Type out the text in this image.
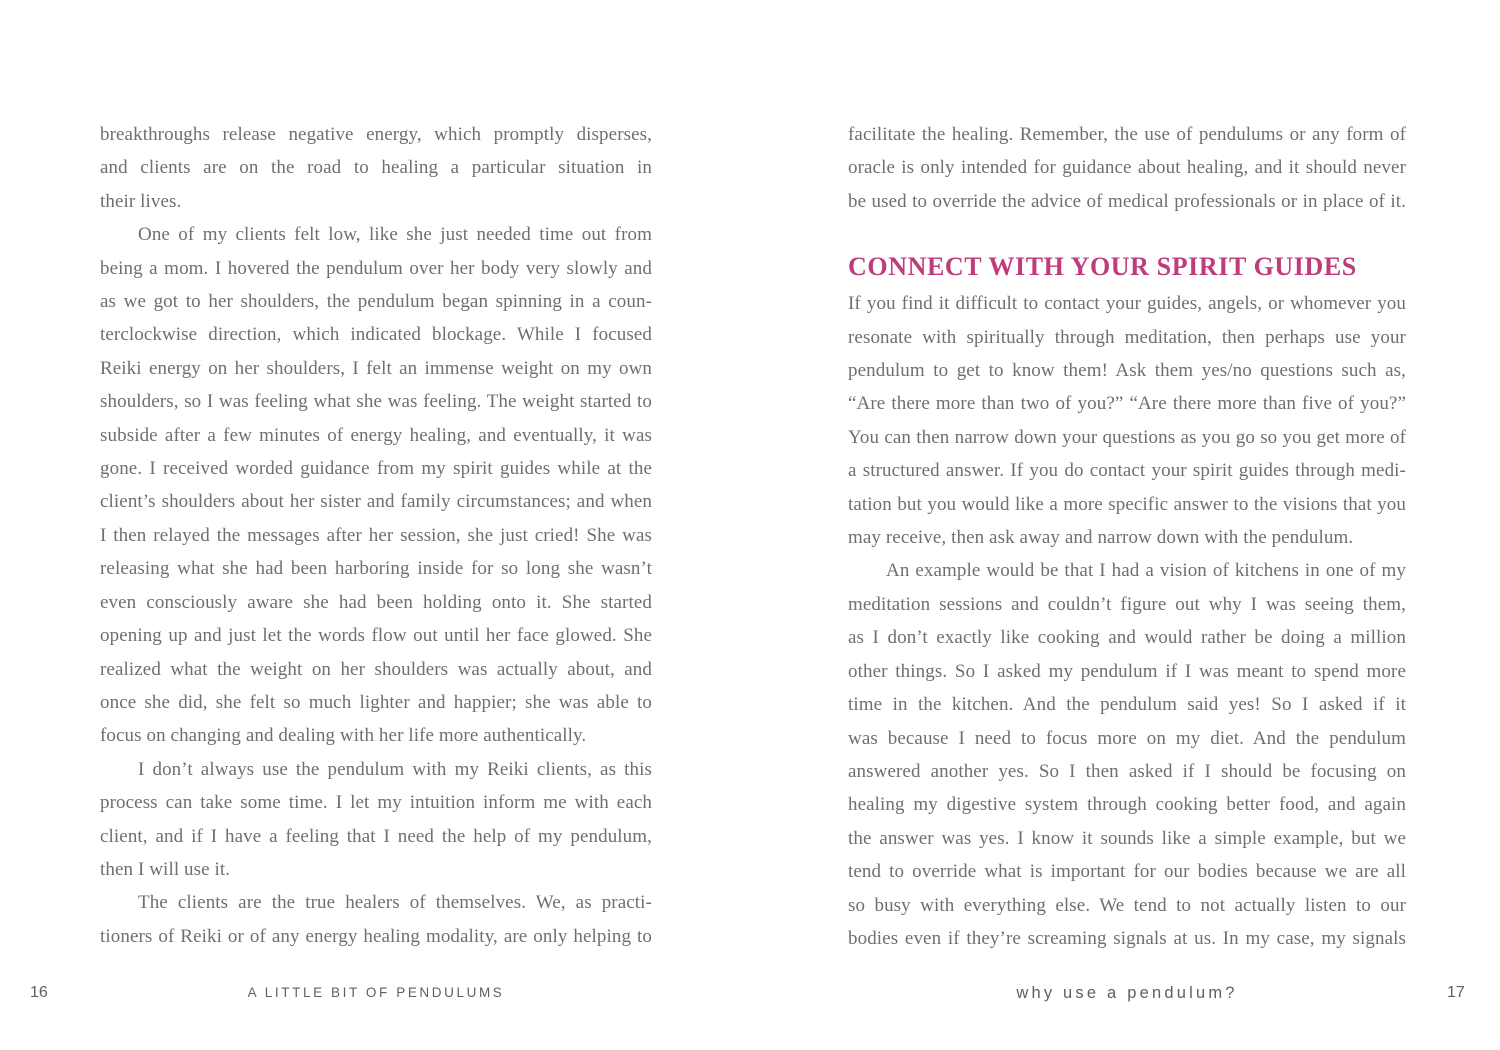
breakthroughs release negative energy, which promptly disperses,
and clients are on the road to healing a particular situation in
their lives.
One of my clients felt low, like she just needed time out from
being a mom. I hovered the pendulum over her body very slowly and
as we got to her shoulders, the pendulum began spinning in a coun-
terclockwise direction, which indicated blockage. While I focused
Reiki energy on her shoulders, I felt an immense weight on my own
shoulders, so I was feeling what she was feeling. The weight started to
subside after a few minutes of energy healing, and eventually, it was
gone. I received worded guidance from my spirit guides while at the
client’s shoulders about her sister and family circumstances; and when
I then relayed the messages after her session, she just cried! She was
releasing what she had been harboring inside for so long she wasn’t
even consciously aware she had been holding onto it. She started
opening up and just let the words flow out until her face glowed. She
realized what the weight on her shoulders was actually about, and
once she did, she felt so much lighter and happier; she was able to
focus on changing and dealing with her life more authentically.
I don’t always use the pendulum with my Reiki clients, as this
process can take some time. I let my intuition inform me with each
client, and if I have a feeling that I need the help of my pendulum,
then I will use it.
The clients are the true healers of themselves. We, as practi-
tioners of Reiki or of any energy healing modality, are only helping to
facilitate the healing. Remember, the use of pendulums or any form of
oracle is only intended for guidance about healing, and it should never
be used to override the advice of medical professionals or in place of it.
CONNECT WITH YOUR SPIRIT GUIDES
If you find it difficult to contact your guides, angels, or whomever you
resonate with spiritually through meditation, then perhaps use your
pendulum to get to know them! Ask them yes/no questions such as,
“Are there more than two of you?” “Are there more than five of you?”
You can then narrow down your questions as you go so you get more of
a structured answer. If you do contact your spirit guides through medi-
tation but you would like a more specific answer to the visions that you
may receive, then ask away and narrow down with the pendulum.
An example would be that I had a vision of kitchens in one of my
meditation sessions and couldn’t figure out why I was seeing them,
as I don’t exactly like cooking and would rather be doing a million
other things. So I asked my pendulum if I was meant to spend more
time in the kitchen. And the pendulum said yes! So I asked if it
was because I need to focus more on my diet. And the pendulum
answered another yes. So I then asked if I should be focusing on
healing my digestive system through cooking better food, and again
the answer was yes. I know it sounds like a simple example, but we
tend to override what is important for our bodies because we are all
so busy with everything else. We tend to not actually listen to our
bodies even if they’re screaming signals at us. In my case, my signals
16	A LITTLE BIT OF PENDULUMS	why use a pendulum?	17
